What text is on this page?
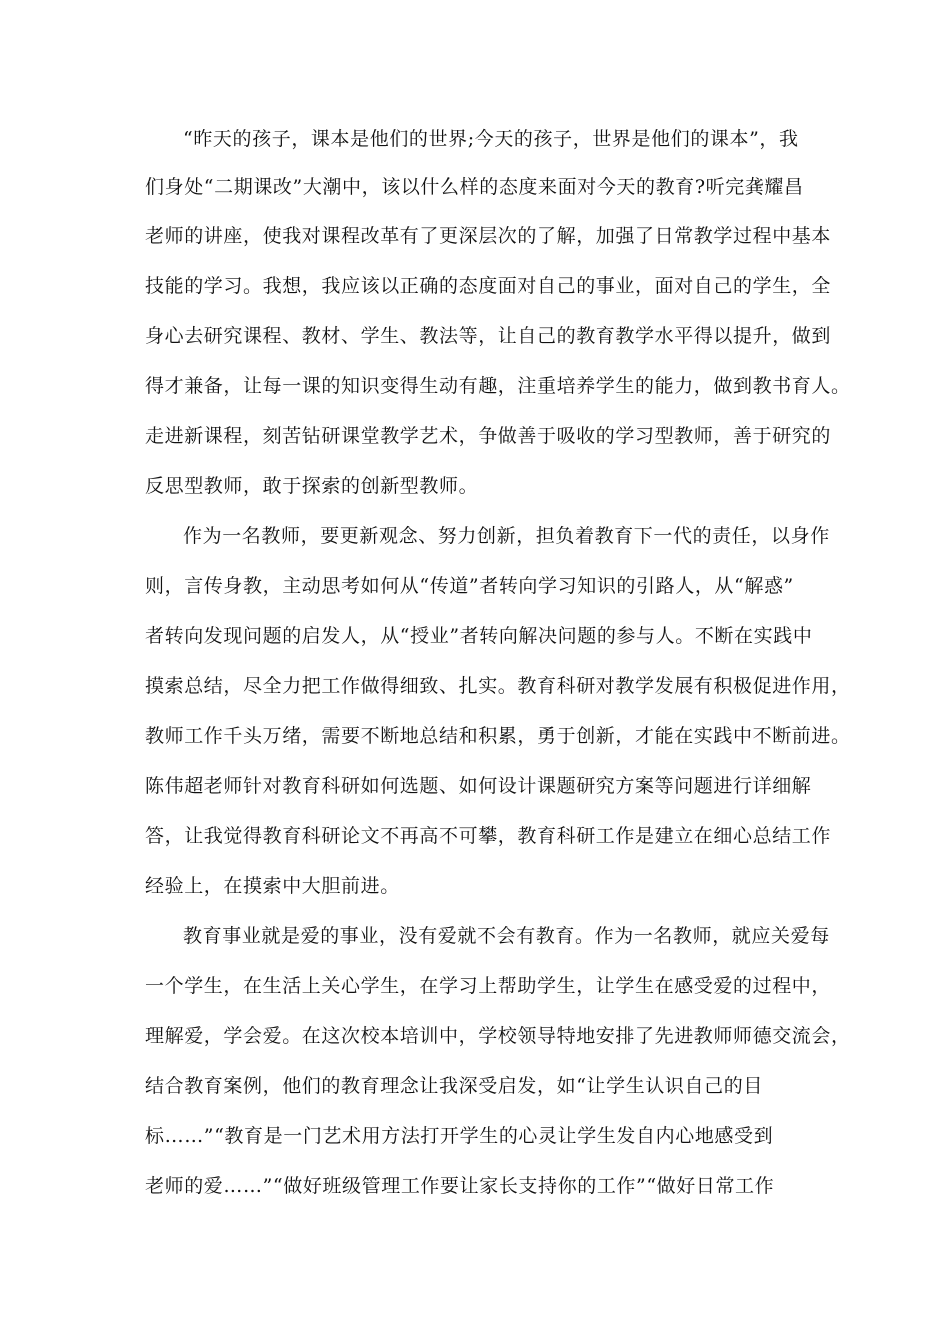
“昨天的孩子，课本是他们的世界;今天的孩子，世界是他们的课本”，我
们身处“二期课改”大潮中，该以什么样的态度来面对今天的教育?听完龚耀昌
老师的讲座，使我对课程改革有了更深层次的了解，加强了日常教学过程中基本
技能的学习。我想，我应该以正确的态度面对自己的事业，面对自己的学生，全
身心去研究课程、教材、学生、教法等，让自己的教育教学水平得以提升，做到
得才兼备，让每一课的知识变得生动有趣，注重培养学生的能力，做到教书育人。
走进新课程，刻苦钻研课堂教学艺术，争做善于吸收的学习型教师，善于研究的
反思型教师，敢于探索的创新型教师。
作为一名教师，要更新观念、努力创新，担负着教育下一代的责任，以身作
则，言传身教，主动思考如何从“传道”者转向学习知识的引路人，从“解惑”
者转向发现问题的启发人，从“授业”者转向解决问题的参与人。不断在实践中
摸索总结，尽全力把工作做得细致、扎实。教育科研对教学发展有积极促进作用，
教师工作千头万绪，需要不断地总结和积累，勇于创新，才能在实践中不断前进。
陈伟超老师针对教育科研如何选题、如何设计课题研究方案等问题进行详细解
答，让我觉得教育科研论文不再高不可攀，教育科研工作是建立在细心总结工作
经验上，在摸索中大胆前进。
教育事业就是爱的事业，没有爱就不会有教育。作为一名教师，就应关爱每
一个学生，在生活上关心学生，在学习上帮助学生，让学生在感受爱的过程中，
理解爱，学会爱。在这次校本培训中，学校领导特地安排了先进教师师德交流会，
结合教育案例，他们的教育理念让我深受启发，如“让学生认识自己的目
标……”“教育是一门艺术用方法打开学生的心灵让学生发自内心地感受到
老师的爱……”“做好班级管理工作要让家长支持你的工作”“做好日常工作
